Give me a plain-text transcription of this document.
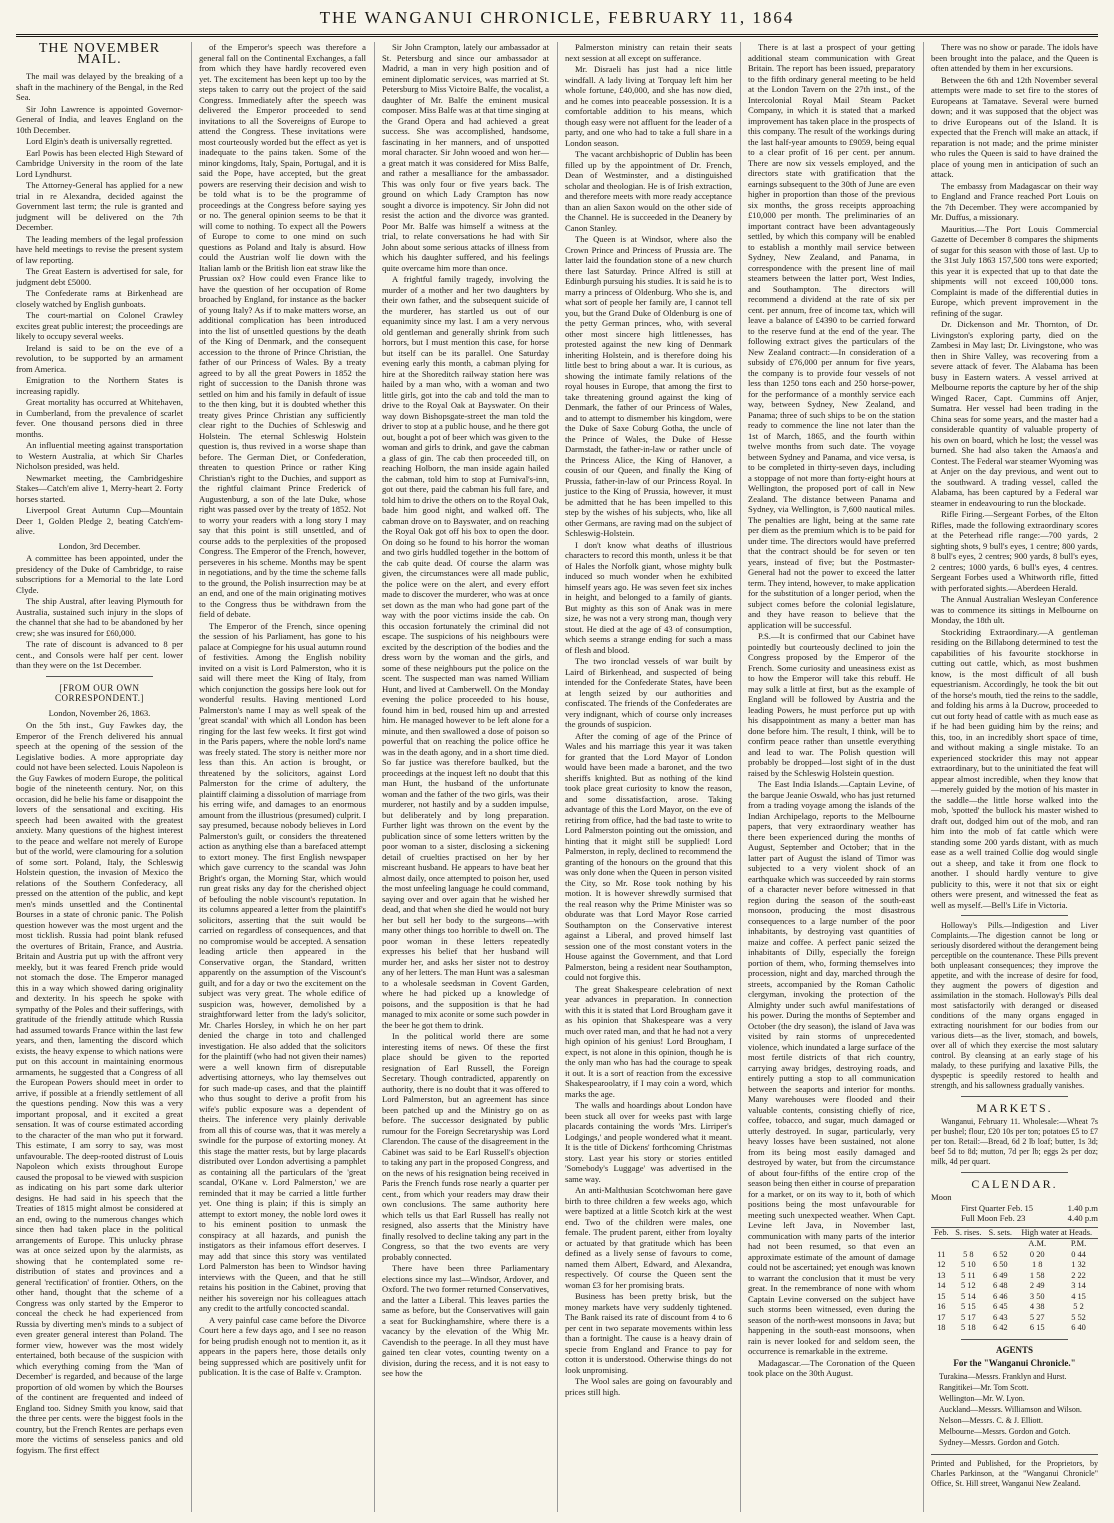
THE WANGANUI CHRONICLE, FEBRUARY 11, 1864
THE NOVEMBER MAIL.

The mail was delayed by the breaking of a shaft in the machinery of the Bengal, in the Red Sea.

Sir John Lawrence is appointed Governor-General of India, and leaves England on the 10th December.

Lord Elgin's death is universally regretted.

Earl Powis has been elected High Steward of Cambridge University in the room of the late Lord Lyndhurst.

The Attorney-General has applied for a new trial in re Alexandra, decided against the Government last term; the rule is granted and judgment will be delivered on the 7th December.

The leading members of the legal profession have held meetings to revise the present system of law reporting.

The Great Eastern is advertised for sale, for judgment debt £5000.

The Confederate rams at Birkenhead are closely watched by English gunboats.

The court-martial on Colonel Crawley excites great public interest; the proceedings are likely to occupy several weeks.

Ireland is said to be on the eve of a revolution, to be supported by an armament from America.

Emigration to the Northern States is increasing rapidly.

Great mortality has occurred at Whitehaven, in Cumberland, from the prevalence of scarlet fever. One thousand persons died in three months.

An influential meeting against transportation to Western Australia, at which Sir Charles Nicholson presided, was held.

Newmarket meeting, the Cambridgeshire Stakes—Catch'em alive 1, Merry-heart 2. Forty horses started.

Liverpool Great Autumn Cup—Mountain Deer 1, Golden Pledge 2, beating Catch'em-alive.

London, 3rd December.

A committee has been appointed, under the presidency of the Duke of Cambridge, to raise subscriptions for a Memorial to the late Lord Clyde.

The ship Austral, after leaving Plymouth for Australia, sustained such injury in the slops of the channel that she had to be abandoned by her crew; she was insured for £60,000.

The rate of discount is advanced to 8 per cent., and Consols were half per cent. lower than they were on the 1st December.

[FROM OUR OWN CORRESPONDENT.]

London, November 26, 1863.

On the 5th inst., Guy Fawkes day, the Emperor of the French delivered his annual speech at the opening of the session of the Legislative bodies. A more appropriate day could not have been selected. Louis Napoleon is the Guy Fawkes of modern Europe, the political bogie of the nineteenth century. Nor, on this occasion, did he belie his fame or disappoint the lovers of the sensational and exciting. His speech had been awaited with the greatest anxiety. Many questions of the highest interest to the peace and welfare not merely of Europe but of the world, were clamouring for a solution of some sort. Poland, Italy, the Schleswig Holstein question, the invasion of Mexico the relations of the Southern Confederacy, all pressed on the attention of the public, and kept men's minds unsettled and the Continental Bourses in a state of chronic panic. The Polish question however was the most urgent and the most ticklish. Russia had point blank refused the overtures of Britain, France, and Austria. Britain and Austria put up with the affront very meekly, but it was feared French pride would not stomach the dose. The Emperor managed this in a way which showed daring originality and dexterity. In his speech he spoke with sympathy of the Poles and their sufferings, with gratitude of the friendly attitude which Russia had assumed towards France within the last few years, and then, lamenting the discord which exists, the heavy expense to which nations were put on this account in maintaining enormous armaments, he suggested that a Congress of all the European Powers should meet in order to arrive, if possible at a friendly settlement of all the questions pending. Now this was a very important proposal, and it excited a great sensation. It was of course estimated according to the character of the man who put it forward. This estimate, I am sorry to say, was most unfavourable. The deep-rooted distrust of Louis Napoleon which exists throughout Europe caused the proposal to be viewed with suspicion as indicating on his part some dark ulterior designs. He had said in his speech that the Treaties of 1815 might almost be considered at an end, owing to the numerous changes which since then had taken place in the political arrangements of Europe. This unlucky phrase was at once seized upon by the alarmists, as showing that he contemplated some re-distribution of states and provinces and a general 'rectification' of frontier. Others, on the other hand, thought that the scheme of a Congress was only started by the Emperor to conceal the check he had experienced from Russia by diverting men's minds to a subject of even greater general interest than Poland. The former view, however was the most widely entertained, both because of the suspicion with which everything coming from the 'Man of December' is regarded, and because of the large proportion of old women by which the Bourses of the continent are frequented and indeed of England too. Sidney Smith you know, said that the three per cents. were the biggest fools in the country, but the French Rentes are perhaps even more the victims of senseless panics and old fogyism. The first effect

of the Emperor's speech was therefore a general fall on the Continental Exchanges, a fall from which they have hardly recovered even yet. The excitement has been kept up too by the steps taken to carry out the project of the said Congress. Immediately after the speech was delivered the Emperor proceeded to send invitations to all the Sovereigns of Europe to attend the Congress. These invitations were most courteously worded but the effect as yet is inadequate to the pains taken. Some of the minor kingdoms, Italy, Spain, Portugal, and it is said the Pope, have accepted, but the great powers are reserving their decision and wish to be told what is to be the programme of proceedings at the Congress before saying yes or no. The general opinion seems to be that it will come to nothing. To expect all the Powers of Europe to come to one mind on such questions as Poland and Italy is absurd. How could the Austrian wolf lie down with the Italian lamb or the British lion eat straw like the Prussian ox? How could even France like to have the question of her occupation of Rome broached by England, for instance as the backer of young Italy? As if to make matters worse, an additional complication has been introduced into the list of unsettled questions by the death of the King of Denmark, and the consequent accession to the throne of Prince Christian, the father of our Princess of Wales. By a treaty agreed to by all the great Powers in 1852 the right of succession to the Danish throne was settled on him and his family in default of issue to the then king, but it is doubted whether this treaty gives Prince Christian any sufficiently clear right to the Duchies of Schleswig and Holstein. The eternal Schleswig Holstein question is, thus revived in a worse shape than before. The German Diet, or Confederation, threaten to question Prince or rather King Christian's right to the Duchies, and support as the rightful claimant Prince Frederick of Augustenburg, a son of the late Duke, whose right was passed over by the treaty of 1852. Not to worry your readers with a long story I may say that this point is still unsettled, and of course adds to the perplexities of the proposed Congress. The Emperor of the French, however, perseveres in his scheme. Months may be spent in negotiations, and by the time the scheme falls to the ground, the Polish insurrection may be at an end, and one of the main originating motives to the Congress thus be withdrawn from the field of debate.

The Emperor of the French, since opening the session of his Parliament, has gone to his palace at Compiegne for his usual autumn round of festivities. Among the English nobility invited on a visit is Lord Palmerston, who it is said will there meet the King of Italy, from which conjunction the gossips here look out for wonderful results. Having mentioned Lord Palmerston's name I may as well speak of the 'great scandal' with which all London has been ringing for the last few weeks. It first got wind in the Paris papers, where the noble lord's name was freely stated. The story is neither more nor less than this. An action is brought, or threatened by the solicitors, against Lord Palmerston for the crime of adultery, the plaintiff claiming a dissolution of marriage from his erring wife, and damages to an enormous amount from the illustrious (presumed) culprit. I say presumed, because nobody believes in Lord Palmerston's guilt, or considers the threatened action as anything else than a barefaced attempt to extort money. The first English newspaper which gave currency to the scandal was John Bright's organ, the Morning Star, which would run great risks any day for the cherished object of befouling the noble viscount's reputation. In its columns appeared a letter from the plaintiff's solicitors, asserting that the suit would be carried on regardless of consequences, and that no compromise would be accepted. A sensation leading article then appeared in the Conservative organ, the Standard, written apparently on the assumption of the Viscount's guilt, and for a day or two the excitement on the subject was very great. The whole edifice of suspicion was, however, demolished by a straightforward letter from the lady's solicitor, Mr. Charles Horsley, in which he on her part denied the charge in toto and challenged investigation. He also added that the solicitors for the plaintiff (who had not given their names) were a well known firm of disreputable advertising attorneys, who lay themselves out for such made-up cases, and that the plaintiff who thus sought to derive a profit from his wife's public exposure was a dependent of theirs. The inference very plainly derivable from all this of course was, that it was merely a swindle for the purpose of extorting money. At this stage the matter rests, but by large placards distributed over London advertising a pamphlet as containing all the particulars of the 'great scandal, O'Kane v. Lord Palmerston,' we are reminded that it may be carried a little further yet. One thing is plain; if this is simply an attempt to extort money, the noble lord owes it to his eminent position to unmask the conspiracy at all hazards, and punish the instigators as their infamous effort deserves. I may add that since this story was ventilated Lord Palmerston has been to Windsor having interviews with the Queen, and that he still retains his position in the Cabinet, proving that neither his sovereign nor his colleagues attach any credit to the artfully concocted scandal.

A very painful case came before the Divorce Court here a few days ago, and I see no reason for being prudish enough not to mention it, as it appears in the papers here, those details only being suppressed which are positively unfit for publication. It is the case of Balfe v. Crampton.

Sir John Crampton, lately our ambassador at St. Petersburg and since our ambassador at Madrid, a man in very high position and of eminent diplomatic services, was married at St. Petersburg to Miss Victoire Balfe, the vocalist, a daughter of Mr. Balfe the eminent musical composer. Miss Balfe was at that time singing at the Grand Opera and had achieved a great success. She was accomplished, handsome, fascinating in her manners, and of unspotted moral character. Sir John wooed and won her—a great match it was considered for Miss Balfe, and rather a mesalliance for the ambassador. This was only four or five years back. The ground on which Lady Crampton has now sought a divorce is impotency. Sir John did not resist the action and the divorce was granted. Poor Mr. Balfe was himself a witness at the trial, to relate conversations he had with Sir John about some serious attacks of illness from which his daughter suffered, and his feelings quite overcame him more than once.

A frightful family tragedy, involving the murder of a mother and her two daughters by their own father, and the subsequent suicide of the murderer, has startled us out of our equanimity since my last. I am a very nervous old gentleman and generally shrink from such horrors, but I must mention this case, for horse but itself can be its parallel. One Saturday evening early this month, a cabman plying for hire at the Shoreditch railway station here was hailed by a man who, with a woman and two little girls, got into the cab and told the man to drive to the Royal Oak at Bayswater. On their way down Bishopsgate-street the man told the driver to stop at a public house, and he there got out, bought a pot of beer which was given to the woman and girls to drink, and gave the cabman a glass of gin. The cab then proceeded till, on reaching Holborn, the man inside again hailed the cabman, told him to stop at Furnival's-inn, got out there, paid the cabman his full fare, and told him to drive the others on to the Royal Oak, bade him good night, and walked off. The cabman drove on to Bayswater, and on reaching the Royal Oak got off his box to open the door. On doing so he found to his horror the woman and two girls huddled together in the bottom of the cab quite dead. Of course the alarm was given, the circumstances were all made public, the police were on the alert, and every effort made to discover the murderer, who was at once set down as the man who had gone part of the way with the poor victims inside the cab. On this occasion fortunately the criminal did not escape. The suspicions of his neighbours were excited by the description of the bodies and the dress worn by the woman and the girls, and some of these neighbours put the police on the scent. The suspected man was named William Hunt, and lived at Camberwell. On the Monday evening the police proceeded to his house, found him in bed, roused him up and arrested him. He managed however to be left alone for a minute, and then swallowed a dose of poison so powerful that on reaching the police office he was in the death agony, and in a short time died. So far justice was therefore baulked, but the proceedings at the inquest left no doubt that this man Hunt, the husband of the unfortunate woman and the father of the two girls, was their murderer, not hastily and by a sudden impulse, but deliberately and by long preparation. Further light was thrown on the event by the publication since of some letters written by the poor woman to a sister, disclosing a sickening detail of cruelties practised on her by her miscreant husband. He appears to have beat her almost daily, once attempted to poison her, used the most unfeeling language he could command, saying over and over again that he wished her dead, and that when she died he would not bury her but sell her body to the surgeons—with many other things too horrible to dwell on. The poor woman in these letters repeatedly expresses his belief that her husband will murder her, and asks her sister not to destroy any of her letters. The man Hunt was a salesman to a wholesale seedsman in Covent Garden, where he had picked up a knowledge of poisons, and the supposition is that he had managed to mix aconite or some such powder in the beer he got them to drink.

In the political world there are some interesting items of news. Of these the first place should be given to the reported resignation of Earl Russell, the Foreign Secretary. Though contradicted, apparently on authority, there is no doubt that it was offered to Lord Palmerston, but an agreement has since been patched up and the Ministry go on as before. The successor designated by public rumour for the Foreign Secretaryship was Lord Clarendon. The cause of the disagreement in the Cabinet was said to be Earl Russell's objection to taking any part in the proposed Congress, and on the news of his resignation being received in Paris the French funds rose nearly a quarter per cent., from which your readers may draw their own conclusions. The same authority here which tells us that Earl Russell has really not resigned, also asserts that the Ministry have finally resolved to decline taking any part in the Congress, so that the two events are very probably connected.

There have been three Parliamentary elections since my last—Windsor, Ardover, and Oxford. The two former returned Conservatives, and the latter a Liberal. This leaves parties the same as before, but the Conservatives will gain a seat for Buckinghamshire, where there is a vacancy by the elevation of the Whig Mr. Cavendish to the peerage. In all they must have gained ten clear votes, counting twenty on a division, during the recess, and it is not easy to see how the

Palmerston ministry can retain their seats next session at all except on sufferance.

Mr. Disraeli has just had a nice little windfall. A lady living at Torquay left him her whole fortune, £40,000, and she has now died, and he comes into peaceable possession. It is a comfortable addition to his means, which though easy were not affluent for the leader of a party, and one who had to take a full share in a London season.

The vacant archbishopric of Dublin has been filled up by the appointment of Dr. French, Dean of Westminster, and a distinguished scholar and theologian. He is of Irish extraction, and therefore meets with more ready acceptance than an alien Saxon would on the other side of the Channel. He is succeeded in the Deanery by Canon Stanley.

The Queen is at Windsor, where also the Crown Prince and Princess of Prussia are. The latter laid the foundation stone of a new church there last Saturday. Prince Alfred is still at Edinburgh pursuing his studies. It is said he is to marry a princess of Oldenburg. Who she is, and what sort of people her family are, I cannot tell you, but the Grand Duke of Oldenburg is one of the petty German princes, who, with several other most sincere high littlenesses, has protested against the new king of Denmark inheriting Holstein, and is therefore doing his little best to bring about a war. It is curious, as showing the intimate family relations of the royal houses in Europe, that among the first to take threatening ground against the king of Denmark, the father of our Princess of Wales, and to attempt to dismember his kingdom, were the Duke of Saxe Coburg Gotha, the uncle of the Prince of Wales, the Duke of Hesse Darmstadt, the father-in-law or rather uncle of the Princess Alice, the King of Hanover, a cousin of our Queen, and finally the King of Prussia, father-in-law of our Princess Royal. In justice to the King of Prussia, however, it must be admitted that he has been impelled to this step by the wishes of his subjects, who, like all other Germans, are raving mad on the subject of Schleswig-Holstein.

I don't know what deaths of illustrious characters to record this month, unless it be that of Hales the Norfolk giant, whose mighty bulk induced so much wonder when he exhibited himself years ago. He was seven feet six inches in height, and belonged to a family of giants. But mighty as this son of Anak was in mere size, he was not a very strong man, though very stout. He died at the age of 43 of consumption, which seems a strange ending for such a mass of flesh and blood.

The two ironclad vessels of war built by Laird of Birkenhead, and suspected of being intended for the Confederate States, have been at length seized by our authorities and confiscated. The friends of the Confederates are very indignant, which of course only increases the grounds of suspicion.

After the coming of age of the Prince of Wales and his marriage this year it was taken for granted that the Lord Mayor of London would have been made a baronet, and the two sheriffs knighted. But as nothing of the kind took place great curiosity to know the reason, and some dissatisfaction, arose. Taking advantage of this the Lord Mayor, on the eve of retiring from office, had the bad taste to write to Lord Palmerston pointing out the omission, and hinting that it might still be supplied! Lord Palmerston, in reply, declined to recommend the granting of the honours on the ground that this was only done when the Queen in person visited the City, so Mr. Rose took nothing by his motion. It is however shrewdly surmised that the real reason why the Prime Minister was so obdurate was that Lord Mayor Rose carried Southampton on the Conservative interest against a Liberal, and proved himself last session one of the most constant voters in the House against the Government, and that Lord Palmerston, being a resident near Southampton, could not forgive this.

The great Shakespeare celebration of next year advances in preparation. In connection with this it is stated that Lord Brougham gave it as his opinion that Shakespeare was a very much over rated man, and that he had not a very high opinion of his genius! Lord Brougham, I expect, is not alone in this opinion, though he is the only man who has had the courage to speak it out. It is a sort of reaction from the excessive Shakespearoolatry, if I may coin a word, which marks the age.

The walls and hoardings about London have been stuck all over for weeks past with large placards containing the words 'Mrs. Lirriper's Lodgings,' and people wondered what it meant. It is the title of Dickens' forthcoming Christmas story. Last year his story or stories entitled 'Somebody's Luggage' was advertised in the same way.

An anti-Malthusian Scotchwoman here gave birth to three children a few weeks ago, which were baptized at a little Scotch kirk at the west end. Two of the children were males, one female. The prudent parent, either from loyalty or actuated by that gratitude which has been defined as a lively sense of favours to come, named them Albert, Edward, and Alexandra, respectively. Of course the Queen sent the woman £3 for her promising brats.

Business has been pretty brisk, but the money markets have very suddenly tightened. The Bank raised its rate of discount from 4 to 6 per cent in two separate movements within less than a fortnight. The cause is a heavy drain of specie from England and France to pay for cotton it is understood. Otherwise things do not look unpromising.

The Wool sales are going on favourably and prices still high.

There is at last a prospect of your getting additional steam communication with Great Britain. The report has been issued, preparatory to the fifth ordinary general meeting to be held at the London Tavern on the 27th inst., of the Intercolonial Royal Mail Steam Packet Company, in which it is stated that a marked improvement has taken place in the prospects of this company. The result of the workings during the last half-year amounts to £9059, being equal to a clear profit of 16 per cent. per annum. There are now six vessels employed, and the directors state with gratification that the earnings subsequent to the 30th of June are even higher in proportion than those of the previous six months, the gross receipts approaching £10,000 per month. The preliminaries of an important contract have been advantageously settled, by which this company will be enabled to establish a monthly mail service between Sydney, New Zealand, and Panama, in correspondence with the present line of mail steamers between the latter port, West Indies, and Southampton. The directors will recommend a dividend at the rate of six per cent. per annum, free of income tax, which will leave a balance of £4390 to be carried forward to the reserve fund at the end of the year. The following extract gives the particulars of the New Zealand contract:—In consideration of a subsidy of £76,000 per annum for five years, the company is to provide four vessels of not less than 1250 tons each and 250 horse-power, for the performance of a monthly service each way, between Sydney, New Zealand, and Panama; three of such ships to be on the station ready to commence the line not later than the 1st of March, 1865, and the fourth within twelve months from such date. The voyage between Sydney and Panama, and vice versa, is to be completed in thirty-seven days, including a stoppage of not more than forty-eight hours at Wellington, the proposed port of call in New Zealand. The distance between Panama and Sydney, via Wellington, is 7,600 nautical miles. The penalties are light, being at the same rate per diem as the premium which is to be paid for under time. The directors would have preferred that the contract should be for seven or ten years, instead of five; but the Postmaster-General had not the power to exceed the latter term. They intend, however, to make application for the substitution of a longer period, when the subject comes before the colonial legislature, and they have reason to believe that the application will be successful.

P.S.—It is confirmed that our Cabinet have pointedly but courteously declined to join the Congress proposed by the Emperor of the French. Some curiosity and uneasiness exist as to how the Emperor will take this rebuff. He may sulk a little at first, but as the example of England will be followed by Austria and the leading Powers, he must perforce put up with his disappointment as many a better man has done before him. The result, I think, will be to confirm peace rather than unsettle everything and lead to war. The Polish question will probably be dropped—lost sight of in the dust raised by the Schleswig Holstein question.

The East India Islands.—Captain Levine, of the barque Jeanie Oswald, who has just returned from a trading voyage among the islands of the Indian Archipelago, reports to the Melbourne papers, that very extraordinary weather has there been experienced during the months of August, September and October; that in the latter part of August the island of Timor was subjected to a very violent shock of an earthquake which was succeeded by rain storms of a character never before witnessed in that region during the season of the south-east monsoon, producing the most disastrous consequences to a large number of the poor inhabitants, by destroying vast quantities of maize and coffee. A perfect panic seized the inhabitants of Dilly, especially the foreign portion of them, who, forming themselves into procession, night and day, marched through the streets, accompanied by the Roman Catholic clergyman, invoking the protection of the Almighty under such awful manifestations of his power. During the months of September and October (the dry season), the island of Java was visited by rain storms of unprecedented violence, which inundated a large surface of the most fertile districts of that rich country, carrying away bridges, destroying roads, and entirely putting a stop to all communication between the seaports and interior for months. Many warehouses were flooded and their valuable contents, consisting chiefly of rice, coffee, tobacco, and sugar, much damaged or utterly destroyed. In sugar, particularly, very heavy losses have been sustained, not alone from its being most easily damaged and destroyed by water, but from the circumstance of about four-fifths of the entire crop of the season being then either in course of preparation for a market, or on its way to it, both of which positions being the most unfavourable for meeting such unexpected weather. When Capt. Levine left Java, in November last, communication with many parts of the interior had not been resumed, so that even an approximate estimate of the amount of damage could not be ascertained; yet enough was known to warrant the conclusion that it must be very great. In the remembrance of none with whom Captain Levine conversed on the subject have such storms been witnessed, even during the season of the north-west monsoons in Java; but happening in the south-east monsoons, when rain is never looked for and seldom seen, the occurrence is remarkable in the extreme.

Madagascar.—The Coronation of the Queen took place on the 30th August.

There was no show or parade. The idols have been brought into the palace, and the Queen is often attended by them in her excursions.

Between the 6th and 12th November several attempts were made to set fire to the stores of Europeans at Tamatave. Several were burned down; and it was supposed that the object was to drive Europeans out of the Island. It is expected that the French will make an attack, if reparation is not made; and the prime minister who rules the Queen is said to have drained the place of young men in anticipation of such an attack.

The embassy from Madagascar on their way to England and France reached Port Louis on the 7th December. They were accompanied by Mr. Duffus, a missionary.

Mauritius.—The Port Louis Commercial Gazette of December 8 compares the shipments of sugar for this season with those of last. Up to the 31st July 1863 157,500 tons were exported; this year it is expected that up to that date the shipments will not exceed 100,000 tons. Complaint is made of the differential duties in Europe, which prevent improvement in the refining of the sugar.

Dr. Dickenson and Mr. Thornton, of Dr. Livingston's exploring party, died on the Zambesi in May last; Dr. Livingstone, who was then in Shire Valley, was recovering from a severe attack of fever. The Alabama has been busy in Eastern waters. A vessel arrived at Melbourne reports the capture by her of the ship Winged Racer, Capt. Cummins off Anjer, Sumatra. Her vessel had been trading in the China seas for some years, and the master had a considerable quantity of valuable property of his own on board, which he lost; the vessel was burned. She had also taken the Amaos'a and Contest. The Federal war steamer Wyoming was at Anjer on the day previous, and went out to the southward. A trading vessel, called the Alabama, has been captured by a Federal war steamer in endeavouring to run the blockade.

Rifle Firing.—Sergeant Forbes, of the Elton Rifles, made the following extraordinary scores at the Peterhead rifle range:—700 yards, 2 sighting shots, 9 bull's eyes, 1 centre; 800 yards, 8 bull's eyes, 2 centres; 900 yards, 8 bull's eyes, 2 centres; 1000 yards, 6 bull's eyes, 4 centres. Sergeant Forbes used a Whitworth rifle, fitted with perforated sights.—Aberdeen Herald.

The Annual Australian Wesleyan Conference was to commence its sittings in Melbourne on Monday, the 18th ult.

Stockriding Extraordinary.—A gentleman residing on the Billabong determined to test the capabilities of his favourite stockhorse in cutting out cattle, which, as most bushmen know, is the most difficult of all bush equestrianism. Accordingly, he took the bit out of the horse's mouth, tied the reins to the saddle, and folding his arms à la Ducrow, proceeded to cut out forty head of cattle with as much ease as if he had been guiding him by the reins; and this, too, in an incredibly short space of time, and without making a single mistake. To an experienced stockrider this may not appear extraordinary, but to the uninitiated the feat will appear almost incredible, when they know that—merely guided by the motion of his master in the saddle—the little horse walked into the mob, 'spotted' the bullock his master wished to draft out, dodged him out of the mob, and ran him into the mob of fat cattle which were standing some 200 yards distant, with as much ease as a well trained Collie dog would single out a sheep, and take it from one flock to another. I should hardly venture to give publicity to this, were it not that six or eight others were present, and witnessed the feat as well as myself.—Bell's Life in Victoria.

Holloway's Pills.—Indigestion and Liver Complaints.—The digestion cannot be long or seriously disordered without the derangement being perceptible on the countenance. These Pills prevent both unpleasant consequences; they improve the appetite, and with the increase of desire for food, they augment the powers of digestion and assimilation in the stomach. Holloway's Pills deal most satisfactorily with deranged or diseased conditions of the many organs engaged in extracting nourishment for our bodies from our various diets—as the liver, stomach, and bowels, over all of which they exercise the most salutary control. By cleansing at an early stage of his malady, to these purifying and laxative Pills, the dyspeptic is speedily restored to health and strength, and his sallowness gradually vanishes.

MARKETS.

Wanganui, February 11. Wholesale:—Wheat 7s per bushel; flour, £20 10s per ton; potatoes £5 to £7 per ton. Retail:—Bread, 6d 2 lb loaf; butter, 1s 3d; beef 5d to 8d; mutton, 7d per lb; eggs 2s per doz; milk, 4d per quart.

CALENDAR.
Moon
First Quarter Feb. 15	1.40 p.m
Full Moon Feb. 23	4.40 p.m
Feb.	S. rises.	S. sets.	High water at Heads.	
			A.M.	P.M.
11	5 8	6 52	0 20	0 44
12	5 10	6 50	1 8	1 32
13	5 11	6 49	1 58	2 22
14	5 12	6 48	2 49	3 14
15	5 14	6 46	3 50	4 15
16	5 15	6 45	4 38	5 2
17	5 17	6 43	5 27	5 52
18	5 18	6 42	6 15	6 40
AGENTS
For the "Wanganui Chronicle."

Turakina—Messrs. Franklyn and Hurst.

Rangitikei—Mr. Tom Scott.

Wellington—Mr. W. Lyon.

Auckland—Messrs. Williamson and Wilson.

Nelson—Messrs. C. & J. Elliott.

Melbourne—Messrs. Gordon and Gotch.

Sydney—Messrs. Gordon and Gotch.

Printed and Published, for the Proprietors, by Charles Parkinson, at the "Wanganui Chronicle" Office, St. Hill street, Wanganui New Zealand.
